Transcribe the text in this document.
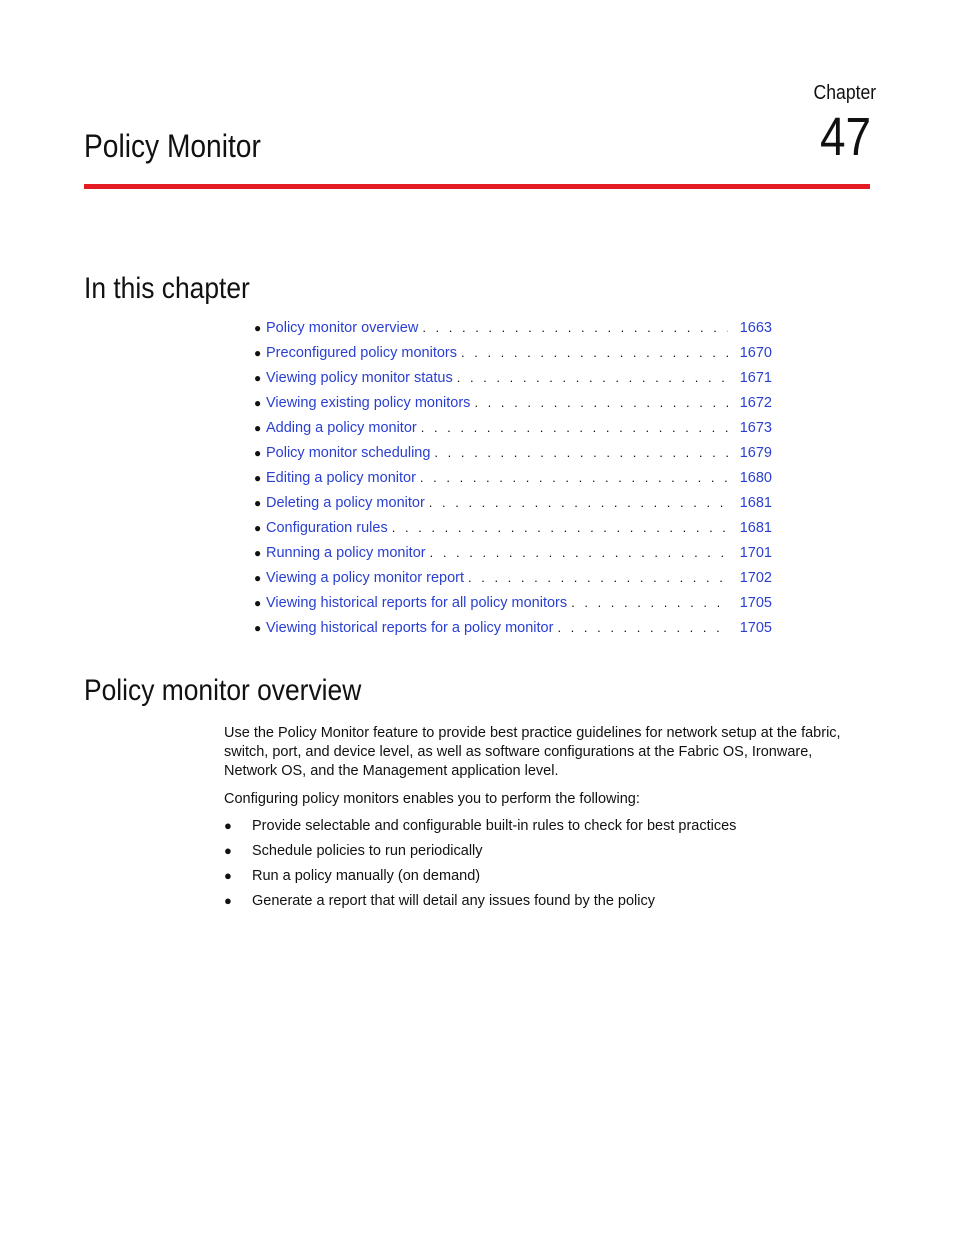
Chapter
47
Policy Monitor
In this chapter
● Policy monitor overview . . .	1663
● Preconfigured policy monitors . . .	1670
● Viewing policy monitor status . . .	1671
● Viewing existing policy monitors . . .	1672
● Adding a policy monitor . . .	1673
● Policy monitor scheduling . . .	1679
● Editing a policy monitor . . .	1680
● Deleting a policy monitor . . .	1681
● Configuration rules . . .	1681
● Running a policy monitor . . .	1701
● Viewing a policy monitor report . . .	1702
● Viewing historical reports for all policy monitors . . .	1705
● Viewing historical reports for a policy monitor . . .	1705
Policy monitor overview

Use the Policy Monitor feature to provide best practice guidelines for network setup at the fabric, switch, port, and device level, as well as software configurations at the Fabric OS, Ironware, Network OS, and the Management application level.

Configuring policy monitors enables you to perform the following:

●	Provide selectable and configurable built-in rules to check for best practices
●	Schedule policies to run periodically
●	Run a policy manually (on demand)
●	Generate a report that will detail any issues found by the policy
